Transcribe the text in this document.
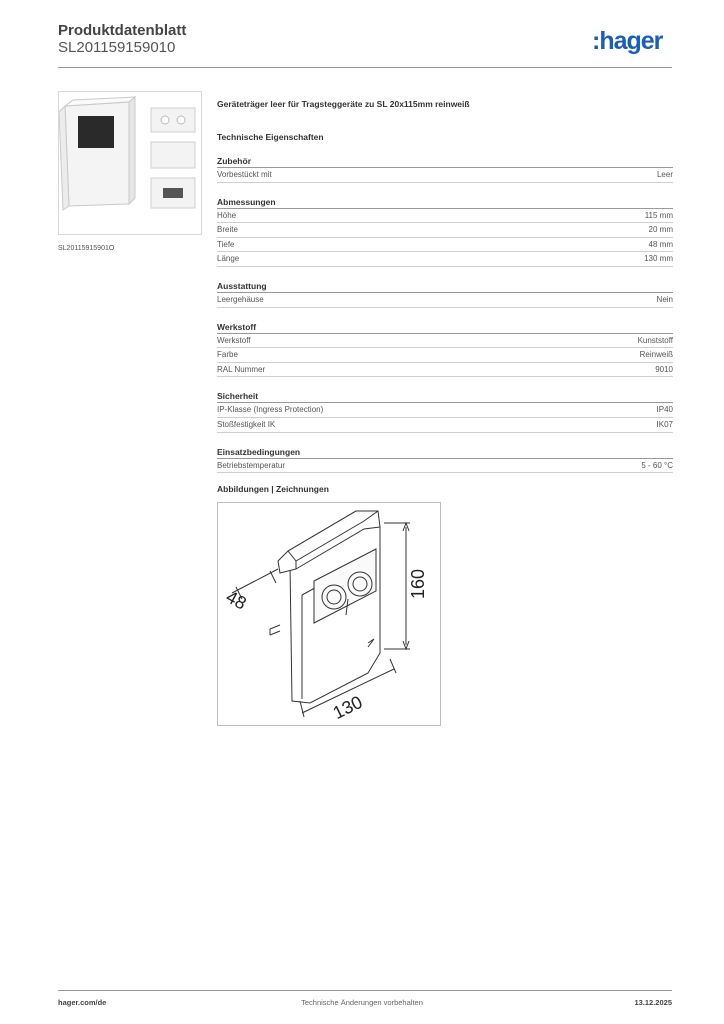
Produktdatenblatt
SL201159159010	:hager
SL20115915901O
Geräteträger leer für Tragsteggeräte zu SL 20x115mm reinweiß
Technische Eigenschaften
Zubehör
Vorbestückt mit	Leer
Abmessungen
Höhe	115 mm
Breite	20 mm
Tiefe	48 mm
Länge	130 mm
Ausstattung
Leergehäuse	Nein
Werkstoff
Werkstoff	Kunststoff
Farbe	Reinweiß
RAL Nummer	9010
Sicherheit
IP-Klasse (Ingress Protection)	IP40
Stoßfestigkeit IK	IK07
Einsatzbedingungen
Betriebstemperatur	5 - 60 °C
Abbildungen | Zeichnungen
48
160
130
hager.com/de	Technische Änderungen vorbehalten	13.12.2025
